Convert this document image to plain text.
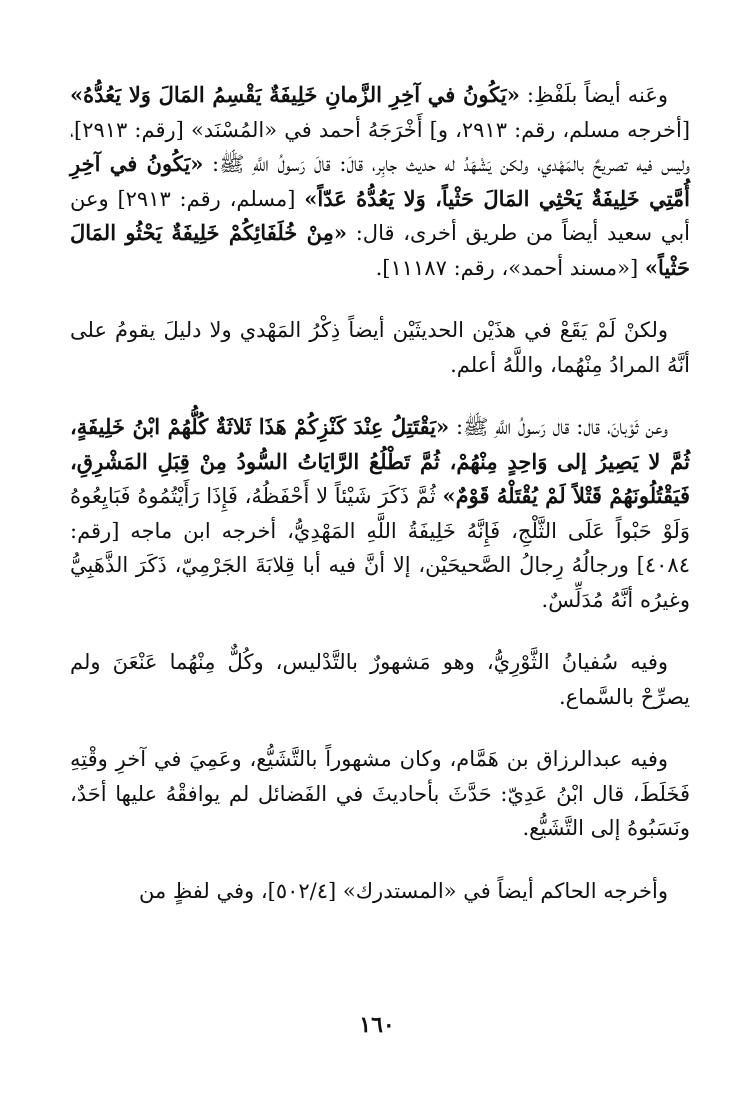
وعَنه أيضاً بلَفْظِ: «يَكُونُ في آخِرِ الزَّمانِ خَلِيفَةٌ يَقْسِمُ المَالَ وَلا يَعُدُّهُ» [أخرجه مسلم، رقم: ٢٩١٣، و] أَخْرَجَهُ أحمد في «المُسْنَد» [رقم: ٢٩١٣]، وليس فيه تصريحٌ بالمَهْدي، ولكن يَشْهَدُ له حديث جابِر، قالَ: قالَ رَسولُ اللَّهِ ﷺ: «يَكُونُ في آخِرِ أُمَّتِي خَلِيفَةٌ يَحْثِي المَالَ حَثْياً، وَلا يَعُدُّهُ عَدّاً» [مسلم، رقم: ٢٩١٣] وعن أبي سعيد أيضاً من طريق أخرى، قال: «مِنْ خُلَفَائِكُمْ خَلِيفَةٌ يَحْثُو المَالَ حَثْياً» [«مسند أحمد»، رقم: ١١١٨٧].

ولكنْ لَمْ يَقَعْ في هذَيْن الحديثَيْن أيضاً ذِكْرُ المَهْدي ولا دليلَ يقومُ على أنَّهُ المرادُ مِنْهُما، واللَّهُ أعلم.

وعن ثَوْبانَ، قال: قال رَسولُ اللَّهِ ﷺ: «يَقْتَتِلُ عِنْدَ كَنْزِكُمْ هَذَا ثَلاثَةٌ كُلُّهُمْ ابْنُ خَلِيفَةٍ، ثُمَّ لا يَصِيرُ إلى وَاحِدٍ مِنْهُمْ، ثُمَّ تَطْلُعُ الرَّايَاتُ السُّودُ مِنْ قِبَلِ المَشْرِقِ، فَيَقْتُلُونَهُمْ قَتْلاً لَمْ يُقْتَلْهُ قَوْمٌ» ثُمَّ ذَكَرَ شَيْئاً لا أَحْفَظُهُ، فَإِذَا رَأَيْتُمُوهُ فَبَايِعُوهُ وَلَوْ حَبْواً عَلَى الثَّلْجِ، فَإِنَّهُ خَلِيفَةُ اللَّهِ المَهْدِيُّ، أخرجه ابن ماجه [رقم: ٤٠٨٤] ورجالُهُ رِجالُ الصَّحيحَيْن، إلا أنَّ فيه أبا قِلابَةَ الجَرْمِيّ، ذَكَرَ الذَّهَبِيُّ وغيرُه أنَّهُ مُدَلِّسٌ.

وفيه سُفيانُ الثَّوْرِيُّ، وهو مَشهورٌ بالتَّدْليس، وكُلٌّ مِنْهُما عَنْعَنَ ولم يصرِّحْ بالسَّماع.

وفيه عبدالرزاق بن هَمَّام، وكان مشهوراً بالتَّشَيُّع، وعَمِيَ في آخرِ وقْتِهِ فَخَلَطَ، قال ابْنُ عَدِيّ: حَدَّثَ بأحاديثَ في الفَضائل لم يوافقْهُ عليها أحَدٌ، ونَسَبُوهُ إلى التَّشَيُّع.

وأخرجه الحاكم أيضاً في «المستدرك» [٥٠٢/٤]، وفي لفظٍ من

١٦٠
